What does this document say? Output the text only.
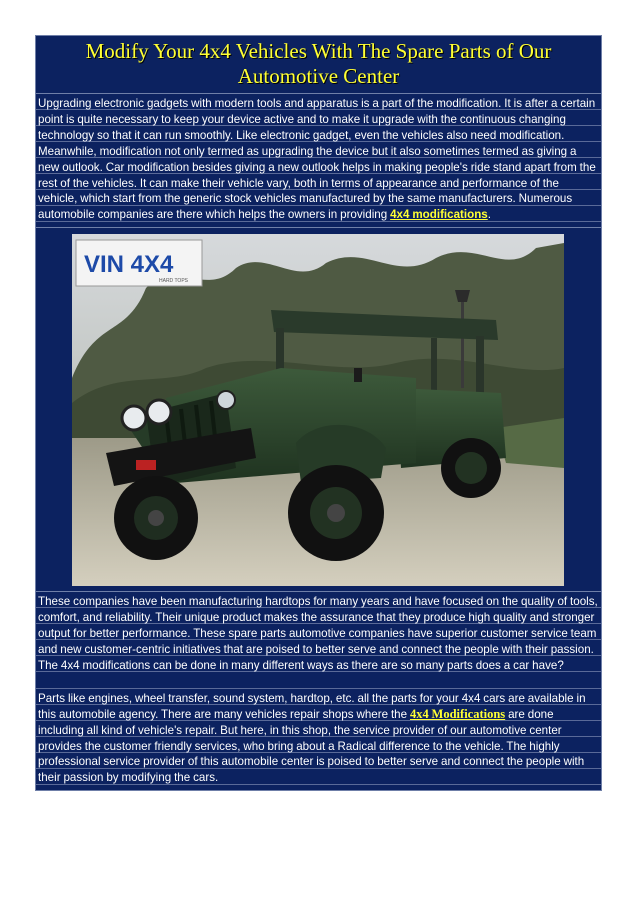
Modify Your 4x4 Vehicles With The Spare Parts of Our Automotive Center

Upgrading electronic gadgets with modern tools and apparatus is a part of the modification. It is after a certain point is quite necessary to keep your device active and to make it upgrade with the continuous changing technology so that it can run smoothly. Like electronic gadget, even the vehicles also need modification. Meanwhile, modification not only termed as upgrading the device but it also sometimes termed as giving a new outlook. Car modification besides giving a new outlook helps in making people's ride stand apart from the rest of the vehicles. It can make their vehicle vary, both in terms of appearance and performance of the vehicle, which start from the generic stock vehicles manufactured by the same manufacturers. Numerous automobile companies are there which helps the owners in providing 4x4 modifications.

VIN 4X4
HARD TOPS

These companies have been manufacturing hardtops for many years and have focused on the quality of tools, comfort, and reliability. Their unique product makes the assurance that they produce high quality and stronger output for better performance. These spare parts automotive companies have superior customer service team and new customer-centric initiatives that are poised to better serve and connect the people with their passion. The 4x4 modifications can be done in many different ways as there are so many parts does a car have?

Parts like engines, wheel transfer, sound system, hardtop, etc. all the parts for your 4x4 cars are available in this automobile agency. There are many vehicles repair shops where the 4x4 Modifications are done including all kind of vehicle's repair. But here, in this shop, the service provider of our automotive center provides the customer friendly services, who bring about a Radical difference to the vehicle. The highly professional service provider of this automobile center is poised to better serve and connect the people with their passion by modifying the cars.
